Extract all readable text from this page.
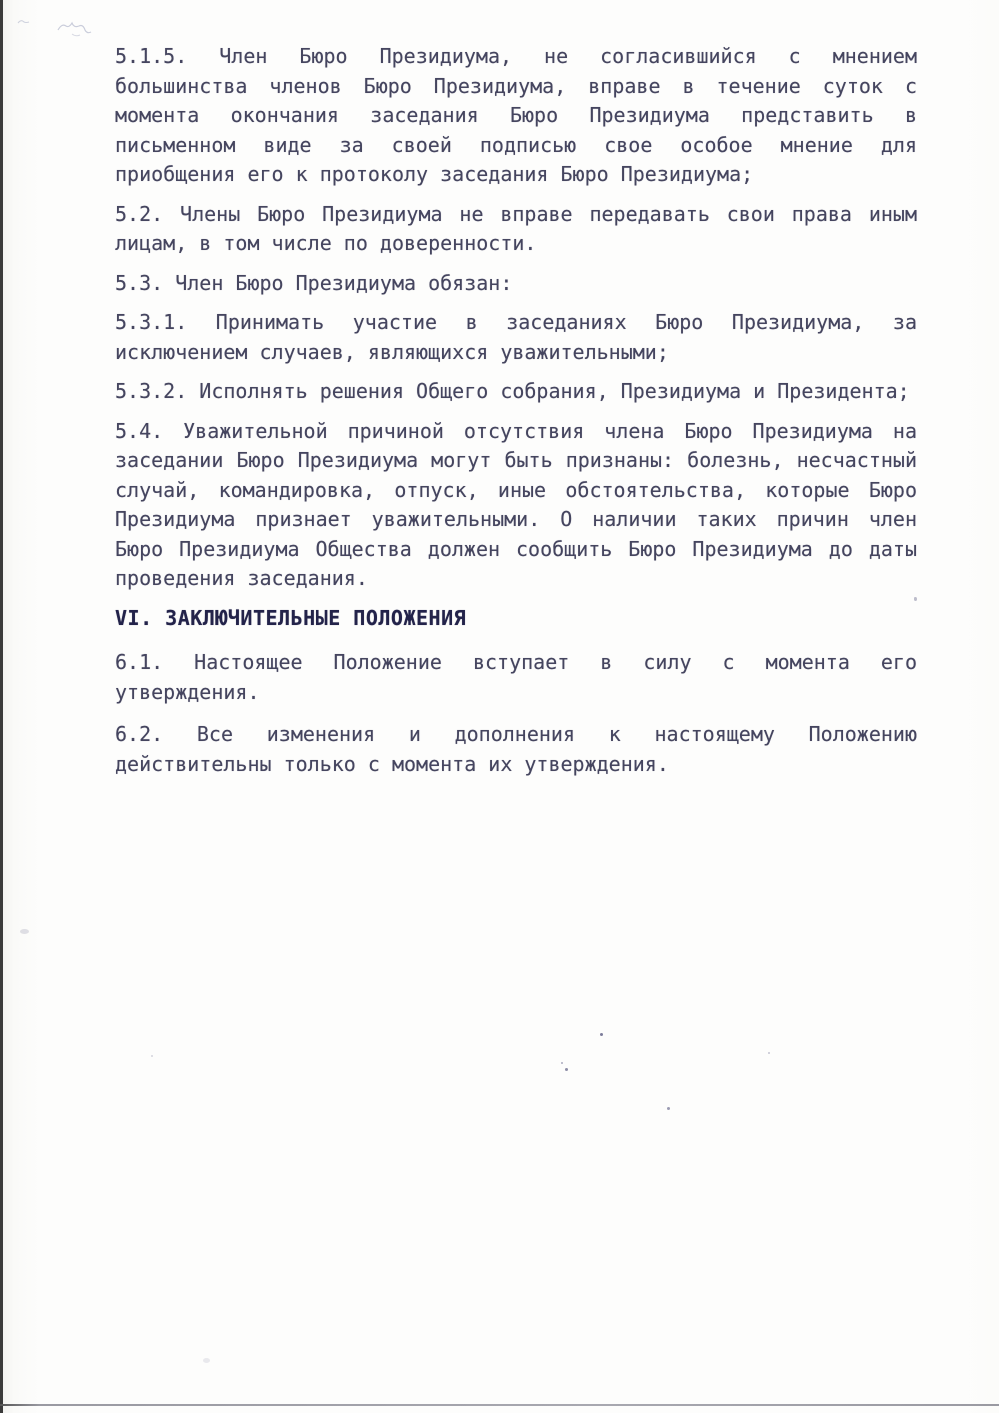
5.1.5. Член Бюро Президиума, не согласившийся с мнением большинства членов Бюро Президиума, вправе в течение суток с момента окончания заседания Бюро Президиума представить в письменном виде за своей подписью свое особое мнение для приобщения его к протоколу заседания Бюро Президиума;

5.2. Члены Бюро Президиума не вправе передавать свои права иным лицам, в том числе по доверенности.

5.3. Член Бюро Президиума обязан:

5.3.1. Принимать участие в заседаниях Бюро Президиума, за исключением случаев, являющихся уважительными;

5.3.2. Исполнять решения Общего собрания, Президиума и Президента;

5.4. Уважительной причиной отсутствия члена Бюро Президиума на заседании Бюро Президиума могут быть признаны: болезнь, несчастный случай, командировка, отпуск, иные обстоятельства, которые Бюро Президиума признает уважительными. О наличии таких причин член Бюро Президиума Общества должен сообщить Бюро Президиума до даты проведения заседания.

VI. ЗАКЛЮЧИТЕЛЬНЫЕ ПОЛОЖЕНИЯ

6.1. Настоящее Положение вступает в силу с момента его утверждения.

6.2. Все изменения и дополнения к настоящему Положению действительны только с момента их утверждения.
